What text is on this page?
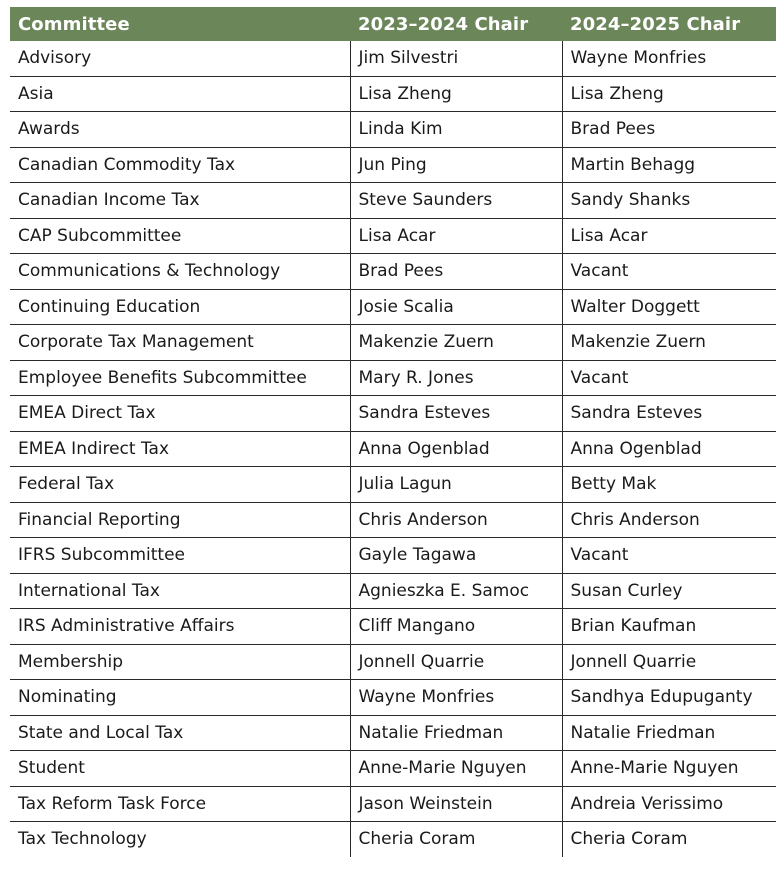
Committee	2023–2024 Chair	2024–2025 Chair
Advisory	Jim Silvestri	Wayne Monfries
Asia	Lisa Zheng	Lisa Zheng
Awards	Linda Kim	Brad Pees
Canadian Commodity Tax	Jun Ping	Martin Behagg
Canadian Income Tax	Steve Saunders	Sandy Shanks
CAP Subcommittee	Lisa Acar	Lisa Acar
Communications & Technology	Brad Pees	Vacant
Continuing Education	Josie Scalia	Walter Doggett
Corporate Tax Management	Makenzie Zuern	Makenzie Zuern
Employee Benefits Subcommittee	Mary R. Jones	Vacant
EMEA Direct Tax	Sandra Esteves	Sandra Esteves
EMEA Indirect Tax	Anna Ogenblad	Anna Ogenblad
Federal Tax	Julia Lagun	Betty Mak
Financial Reporting	Chris Anderson	Chris Anderson
IFRS Subcommittee	Gayle Tagawa	Vacant
International Tax	Agnieszka E. Samoc	Susan Curley
IRS Administrative Affairs	Cliff Mangano	Brian Kaufman
Membership	Jonnell Quarrie	Jonnell Quarrie
Nominating	Wayne Monfries	Sandhya Edupuganty
State and Local Tax	Natalie Friedman	Natalie Friedman
Student	Anne-Marie Nguyen	Anne-Marie Nguyen
Tax Reform Task Force	Jason Weinstein	Andreia Verissimo
Tax Technology	Cheria Coram	Cheria Coram
